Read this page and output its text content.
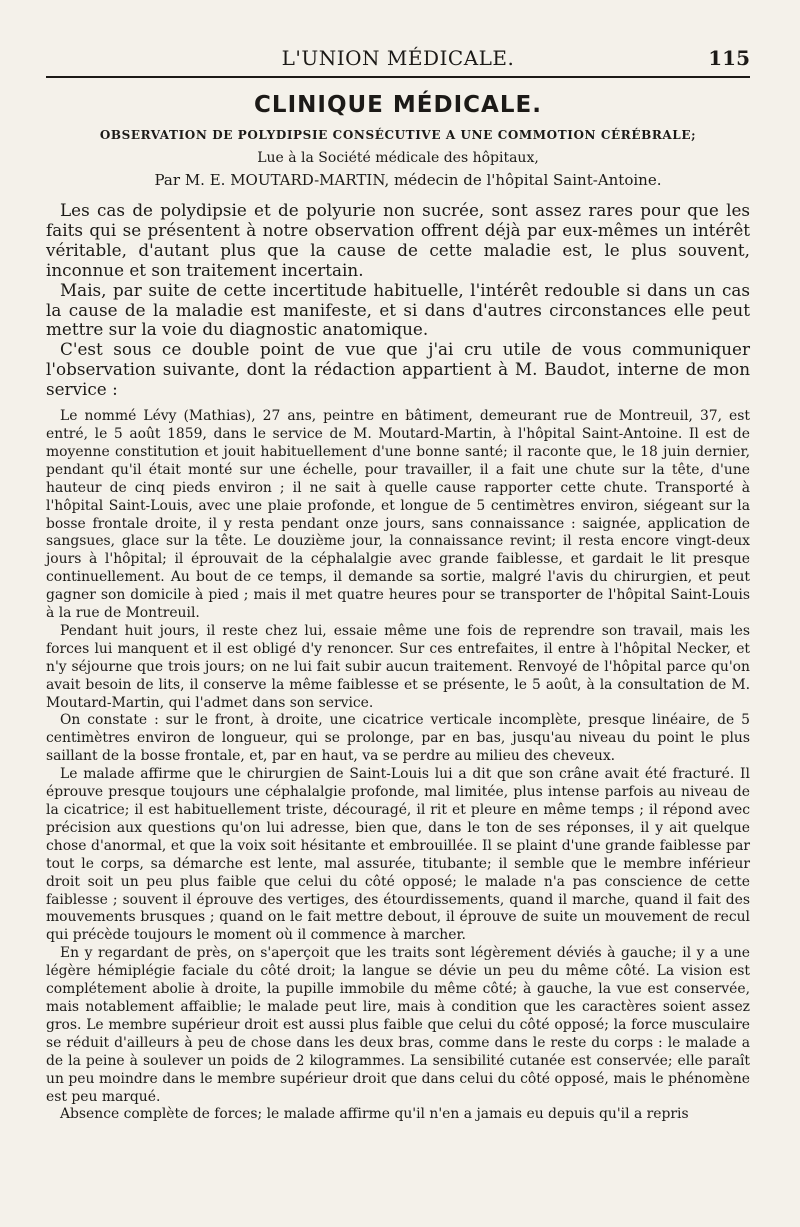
L'UNION MÉDICALE.	115
CLINIQUE MÉDICALE.
OBSERVATION DE POLYDIPSIE CONSÉCUTIVE A UNE COMMOTION CÉRÉBRALE;
Lue à la Société médicale des hôpitaux,
Par M. E. MOUTARD-MARTIN, médecin de l'hôpital Saint-Antoine.

Les cas de polydipsie et de polyurie non sucrée, sont assez rares pour que les faits qui se présentent à notre observation offrent déjà par eux-mêmes un intérêt véritable, d'autant plus que la cause de cette maladie est, le plus souvent, inconnue et son traitement incertain.

Mais, par suite de cette incertitude habituelle, l'intérêt redouble si dans un cas la cause de la maladie est manifeste, et si dans d'autres circonstances elle peut mettre sur la voie du diagnostic anatomique.

C'est sous ce double point de vue que j'ai cru utile de vous communiquer l'observation suivante, dont la rédaction appartient à M. Baudot, interne de mon service :

Le nommé Lévy (Mathias), 27 ans, peintre en bâtiment, demeurant rue de Montreuil, 37, est entré, le 5 août 1859, dans le service de M. Moutard-Martin, à l'hôpital Saint-Antoine. Il est de moyenne constitution et jouit habituellement d'une bonne santé; il raconte que, le 18 juin dernier, pendant qu'il était monté sur une échelle, pour travailler, il a fait une chute sur la tête, d'une hauteur de cinq pieds environ ; il ne sait à quelle cause rapporter cette chute. Transporté à l'hôpital Saint-Louis, avec une plaie profonde, et longue de 5 centimètres environ, siégeant sur la bosse frontale droite, il y resta pendant onze jours, sans connaissance : saignée, application de sangsues, glace sur la tête. Le douzième jour, la connaissance revint; il resta encore vingt-deux jours à l'hôpital; il éprouvait de la céphalalgie avec grande faiblesse, et gardait le lit presque continuellement. Au bout de ce temps, il demande sa sortie, malgré l'avis du chirurgien, et peut gagner son domicile à pied ; mais il met quatre heures pour se transporter de l'hôpital Saint-Louis à la rue de Montreuil.

Pendant huit jours, il reste chez lui, essaie même une fois de reprendre son travail, mais les forces lui manquent et il est obligé d'y renoncer. Sur ces entrefaites, il entre à l'hôpital Necker, et n'y séjourne que trois jours; on ne lui fait subir aucun traitement. Renvoyé de l'hôpital parce qu'on avait besoin de lits, il conserve la même faiblesse et se présente, le 5 août, à la consultation de M. Moutard-Martin, qui l'admet dans son service.

On constate : sur le front, à droite, une cicatrice verticale incomplète, presque linéaire, de 5 centimètres environ de longueur, qui se prolonge, par en bas, jusqu'au niveau du point le plus saillant de la bosse frontale, et, par en haut, va se perdre au milieu des cheveux.

Le malade affirme que le chirurgien de Saint-Louis lui a dit que son crâne avait été fracturé. Il éprouve presque toujours une céphalalgie profonde, mal limitée, plus intense parfois au niveau de la cicatrice; il est habituellement triste, découragé, il rit et pleure en même temps ; il répond avec précision aux questions qu'on lui adresse, bien que, dans le ton de ses réponses, il y ait quelque chose d'anormal, et que la voix soit hésitante et embrouillée. Il se plaint d'une grande faiblesse par tout le corps, sa démarche est lente, mal assurée, titubante; il semble que le membre inférieur droit soit un peu plus faible que celui du côté opposé; le malade n'a pas conscience de cette faiblesse ; souvent il éprouve des vertiges, des étourdissements, quand il marche, quand il fait des mouvements brusques ; quand on le fait mettre debout, il éprouve de suite un mouvement de recul qui précède toujours le moment où il commence à marcher.

En y regardant de près, on s'aperçoit que les traits sont légèrement déviés à gauche; il y a une légère hémiplégie faciale du côté droit; la langue se dévie un peu du même côté. La vision est complétement abolie à droite, la pupille immobile du même côté; à gauche, la vue est conservée, mais notablement affaiblie; le malade peut lire, mais à condition que les caractères soient assez gros. Le membre supérieur droit est aussi plus faible que celui du côté opposé; la force musculaire se réduit d'ailleurs à peu de chose dans les deux bras, comme dans le reste du corps : le malade a de la peine à soulever un poids de 2 kilogrammes. La sensibilité cutanée est conservée; elle paraît un peu moindre dans le membre supérieur droit que dans celui du côté opposé, mais le phénomène est peu marqué.

Absence complète de forces; le malade affirme qu'il n'en a jamais eu depuis qu'il a repris
